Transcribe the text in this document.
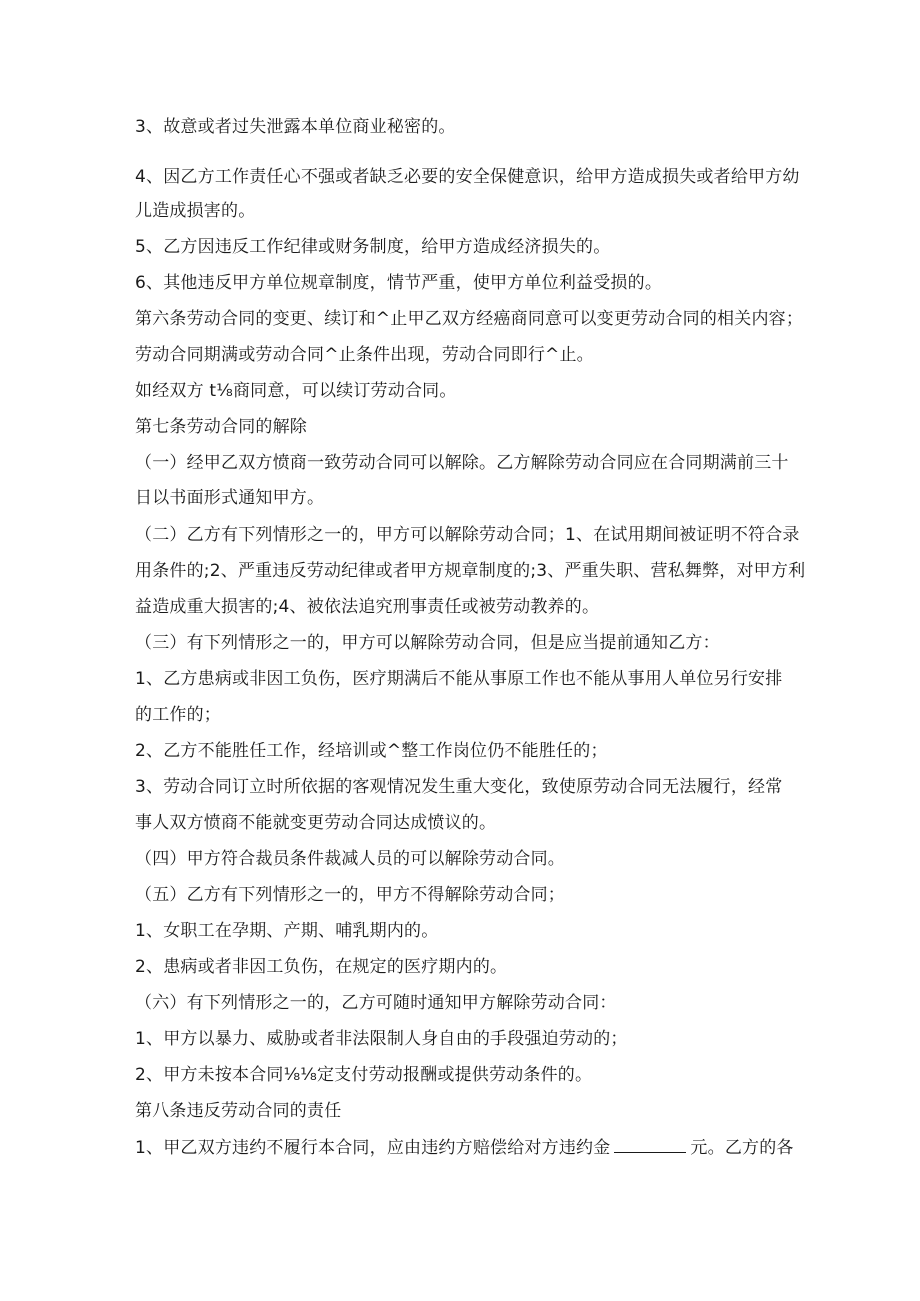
3、故意或者过失泄露本单位商业秘密的。
4、因乙方工作责任心不强或者缺乏必要的安全保健意识，给甲方造成损失或者给甲方幼
儿造成损害的。
5、乙方因违反工作纪律或财务制度，给甲方造成经济损失的。
6、其他违反甲方单位规章制度，情节严重，使甲方单位利益受损的。
第六条劳动合同的变更、续订和^止甲乙双方经癌商同意可以变更劳动合同的相关内容；
劳动合同期满或劳动合同^止条件出现，劳动合同即行^止。
如经双方 t⅛商同意，可以续订劳动合同。
第七条劳动合同的解除
（一）经甲乙双方愤商一致劳动合同可以解除。乙方解除劳动合同应在合同期满前三十
日以书面形式通知甲方。
（二）乙方有下列情形之一的，甲方可以解除劳动合同；1、在试用期间被证明不符合录
用条件的;2、严重违反劳动纪律或者甲方规章制度的;3、严重失职、营私舞弊，对甲方利
益造成重大损害的;4、被依法追究刑事责任或被劳动教养的。
（三）有下列情形之一的，甲方可以解除劳动合同，但是应当提前通知乙方：
1、乙方患病或非因工负伤，医疗期满后不能从事原工作也不能从事用人单位另行安排
的工作的；
2、乙方不能胜任工作，经培训或^整工作岗位仍不能胜任的；
3、劳动合同订立时所依据的客观情况发生重大变化，致使原劳动合同无法履行，经常
事人双方愤商不能就变更劳动合同达成愤议的。
（四）甲方符合裁员条件裁减人员的可以解除劳动合同。
（五）乙方有下列情形之一的，甲方不得解除劳动合同；
1、女职工在孕期、产期、哺乳期内的。
2、患病或者非因工负伤，在规定的医疗期内的。
（六）有下列情形之一的，乙方可随时通知甲方解除劳动合同：
1、甲方以暴力、威胁或者非法限制人身自由的手段强迫劳动的；
2、甲方未按本合同⅛⅛定支付劳动报酬或提供劳动条件的。
第八条违反劳动合同的责任
1、甲乙双方违约不履行本合同，应由违约方赔偿给对方违约金	元。乙方的各
